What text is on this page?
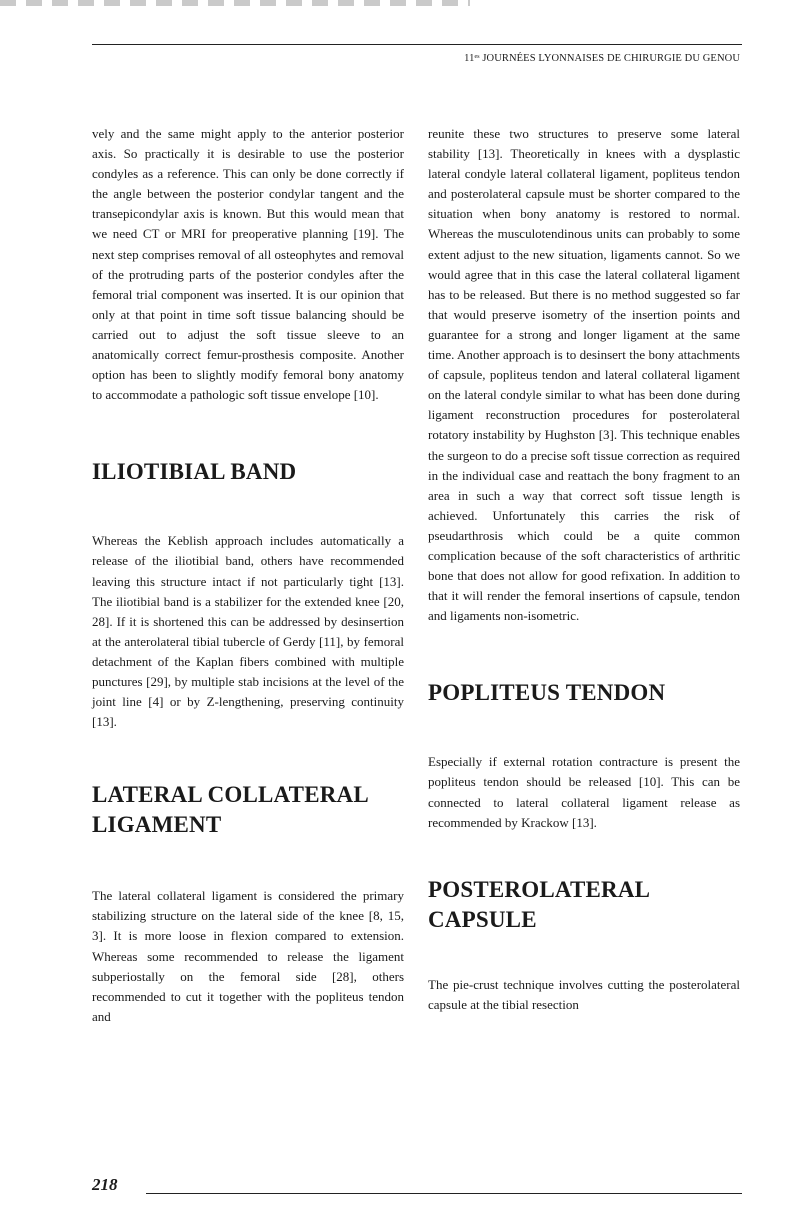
11ᵉˢ JOURNÉES LYONNAISES DE CHIRURGIE DU GENOU

vely and the same might apply to the anterior posterior axis. So practically it is desirable to use the posterior condyles as a reference. This can only be done correctly if the angle between the posterior condylar tangent and the transepicondylar axis is known. But this would mean that we need CT or MRI for preoperative planning [19]. The next step comprises removal of all osteophytes and removal of the protruding parts of the posterior condyles after the femoral trial component was inserted. It is our opinion that only at that point in time soft tissue balancing should be carried out to adjust the soft tissue sleeve to an anatomically correct femur-prosthesis composite. Another option has been to slightly modify femoral bony anatomy to accommodate a pathologic soft tissue envelope [10].

ILIOTIBIAL BAND

Whereas the Keblish approach includes automatically a release of the iliotibial band, others have recommended leaving this structure intact if not particularly tight [13]. The iliotibial band is a stabilizer for the extended knee [20, 28]. If it is shortened this can be addressed by desinsertion at the anterolateral tibial tubercle of Gerdy [11], by femoral detachment of the Kaplan fibers combined with multiple punctures [29], by multiple stab incisions at the level of the joint line [4] or by Z-lengthening, preserving continuity [13].

LATERAL COLLATERAL LIGAMENT

The lateral collateral ligament is considered the primary stabilizing structure on the lateral side of the knee [8, 15, 3]. It is more loose in flexion compared to extension. Whereas some recommended to release the ligament subperiostally on the femoral side [28], others recommended to cut it together with the popliteus tendon and

reunite these two structures to preserve some lateral stability [13]. Theoretically in knees with a dysplastic lateral condyle lateral collateral ligament, popliteus tendon and posterolateral capsule must be shorter compared to the situation when bony anatomy is restored to normal. Whereas the musculotendinous units can probably to some extent adjust to the new situation, ligaments cannot. So we would agree that in this case the lateral collateral ligament has to be released. But there is no method suggested so far that would preserve isometry of the insertion points and guarantee for a strong and longer ligament at the same time. Another approach is to desinsert the bony attachments of capsule, popliteus tendon and lateral collateral ligament on the lateral condyle similar to what has been done during ligament reconstruction procedures for posterolateral rotatory instability by Hughston [3]. This technique enables the surgeon to do a precise soft tissue correction as required in the individual case and reattach the bony fragment to an area in such a way that correct soft tissue length is achieved. Unfortunately this carries the risk of pseudarthrosis which could be a quite common complication because of the soft characteristics of arthritic bone that does not allow for good refixation. In addition to that it will render the femoral insertions of capsule, tendon and ligaments non-isometric.

POPLITEUS TENDON

Especially if external rotation contracture is present the popliteus tendon should be released [10]. This can be connected to lateral collateral ligament release as recommended by Krackow [13].

POSTEROLATERAL CAPSULE

The pie-crust technique involves cutting the posterolateral capsule at the tibial resection

218
